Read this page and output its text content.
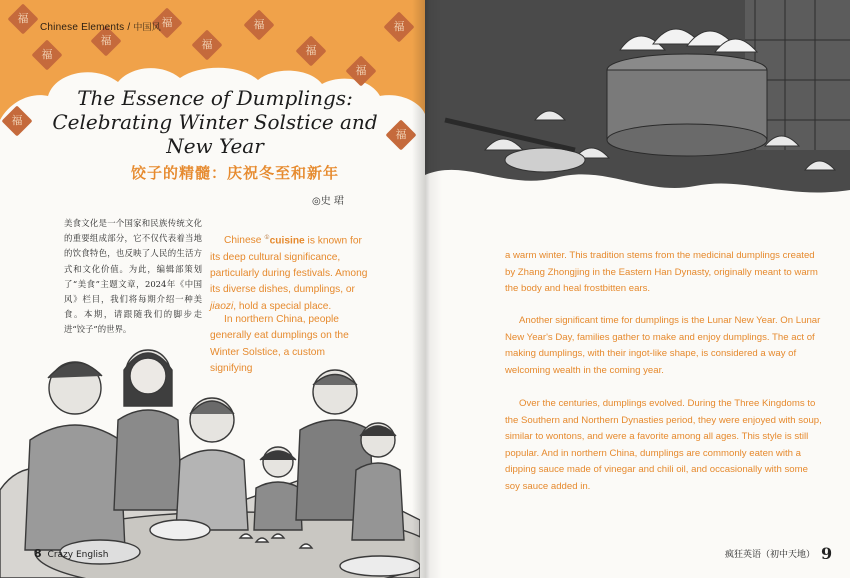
福	福	福	福
福	福	福
福
福
福
福
Chinese Elements / 中国风
The Essence of Dumplings: Celebrating Winter Solstice and New Year
饺子的精髓：庆祝冬至和新年
◎史 珺
美食文化是一个国家和民族传统文化的重要组成部分，它不仅代表着当地的饮食特色，也反映了人民的生活方式和文化价值。为此，编辑部策划了“美食”主题文章，2024年《中国风》栏目，我们将每期介绍一种美食。本期，请跟随我们的脚步走进“饺子”的世界。
Chinese ①cuisine is known for its deep cultural significance, particularly during festivals. Among its diverse dishes, dumplings, or jiaozi, hold a special place.
In northern China, people generally eat dumplings on the Winter Solstice, a custom signifying
8 Crazy English
a warm winter. This tradition stems from the medicinal dumplings created by Zhang Zhongjing in the Eastern Han Dynasty, originally meant to warm the body and heal frostbitten ears.
Another significant time for dumplings is the Lunar New Year. On Lunar New Year's Day, families gather to make and enjoy dumplings. The act of making dumplings, with their ingot-like shape, is considered a way of welcoming wealth in the coming year.
Over the centuries, dumplings evolved. During the Three Kingdoms to the Southern and Northern Dynasties period, they were enjoyed with soup, similar to wontons, and were a favorite among all ages. This style is still popular. And in northern China, dumplings are commonly eaten with a dipping sauce made of vinegar and chili oil, and occasionally with some soy sauce added in.
疯狂英语（初中天地） 9
